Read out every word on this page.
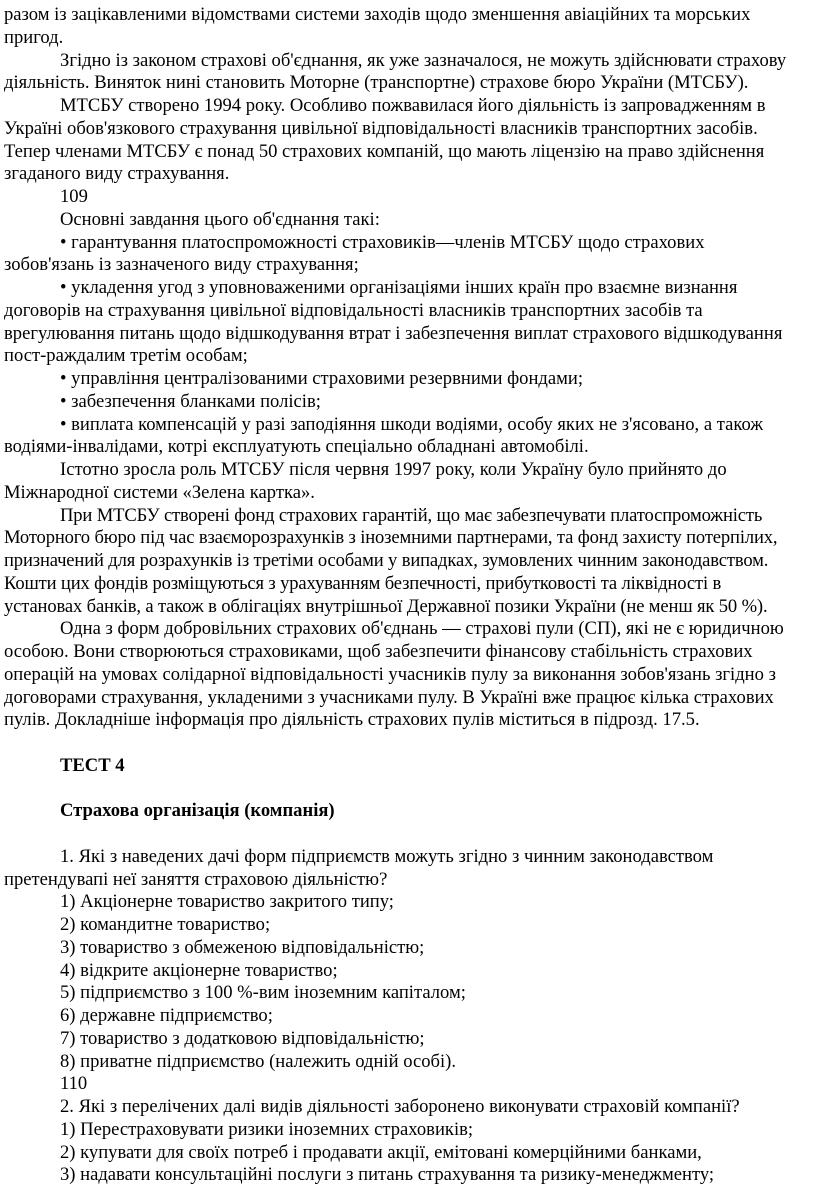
разом із зацікавленими відомствами системи заходів щодо зменшення авіаційних та морських пригод.

Згідно із законом страхові об'єднання, як уже зазначалося, не можуть здійснювати страхову діяльність. Виняток нині становить Моторне (транспортне) страхове бюро України (МТСБУ).

МТСБУ створено 1994 року. Особливо пожвавилася його діяльність із запровадженням в Україні обов'язкового страхування цивільної відповідальності власників транспортних засобів. Тепер членами МТСБУ є понад 50 страхових компаній, що мають ліцензію на право здійснення згаданого виду страхування.

109

Основні завдання цього об'єднання такі:

• гарантування платоспроможності страховиків—членів МТСБУ щодо страхових зобов'язань із зазначеного виду страхування;

• укладення угод з уповноваженими організаціями інших країн про взаємне визнання договорів на страхування цивільної відповідальності власників транспортних засобів та врегулювання питань щодо відшкодування втрат і забезпечення виплат страхового відшкодування пост-раждалим третім особам;

• управління централізованими страховими резервними фондами;

• забезпечення бланками полісів;

• виплата компенсацій у разі заподіяння шкоди водіями, особу яких не з'ясовано, а також водіями-інвалідами, котрі експлуатують спеціально обладнані автомобілі.

Істотно зросла роль МТСБУ після червня 1997 року, коли Україну було прийнято до Міжнародної системи «Зелена картка».

При МТСБУ створені фонд страхових гарантій, що має забезпечувати платоспроможність Моторного бюро під час взаєморозрахунків з іноземними партнерами, та фонд захисту потерпілих, призначений для розрахунків із третіми особами у випадках, зумовлених чинним законодавством. Кошти цих фондів розміщуються з урахуванням безпечності, прибутковості та ліквідності в установах банків, а також в облігаціях внутрішньої Державної позики України (не менш як 50 %).

Одна з форм добровільних страхових об'єднань — страхові пули (СП), які не є юридичною особою. Вони створюються страховиками, щоб забезпечити фінансову стабільність страхових операцій на умовах солідарної відповідальності учасників пулу за виконання зобов'язань згідно з договорами страхування, укладеними з учасниками пулу. В Україні вже працює кілька страхових пулів. Докладніше інформація про діяльність страхових пулів міститься в підрозд. 17.5.

ТЕСТ 4

Страхова організація (компанія)

1. Які з наведених дачі форм підприємств можуть згідно з чинним законодавством претендувапі неї заняття страховою діяльністю?

1) Акціонерне товариство закритого типу;

2) командитне товариство;

3) товариство з обмеженою відповідальністю;

4) відкрите акціонерне товариство;

5) підприємство з 100 %-вим іноземним капіталом;

6) державне підприємство;

7) товариство з додатковою відповідальністю;

8) приватне підприємство (належить одній особі).

110

2. Які з перелічених далі видів діяльності заборонено виконувати страховій компанії?

1) Перестраховувати ризики іноземних страховиків;

2) купувати для своїх потреб і продавати акції, емітовані комерційними банками,

3) надавати консультаційні послуги з питань страхування та ризику-менеджменту;
